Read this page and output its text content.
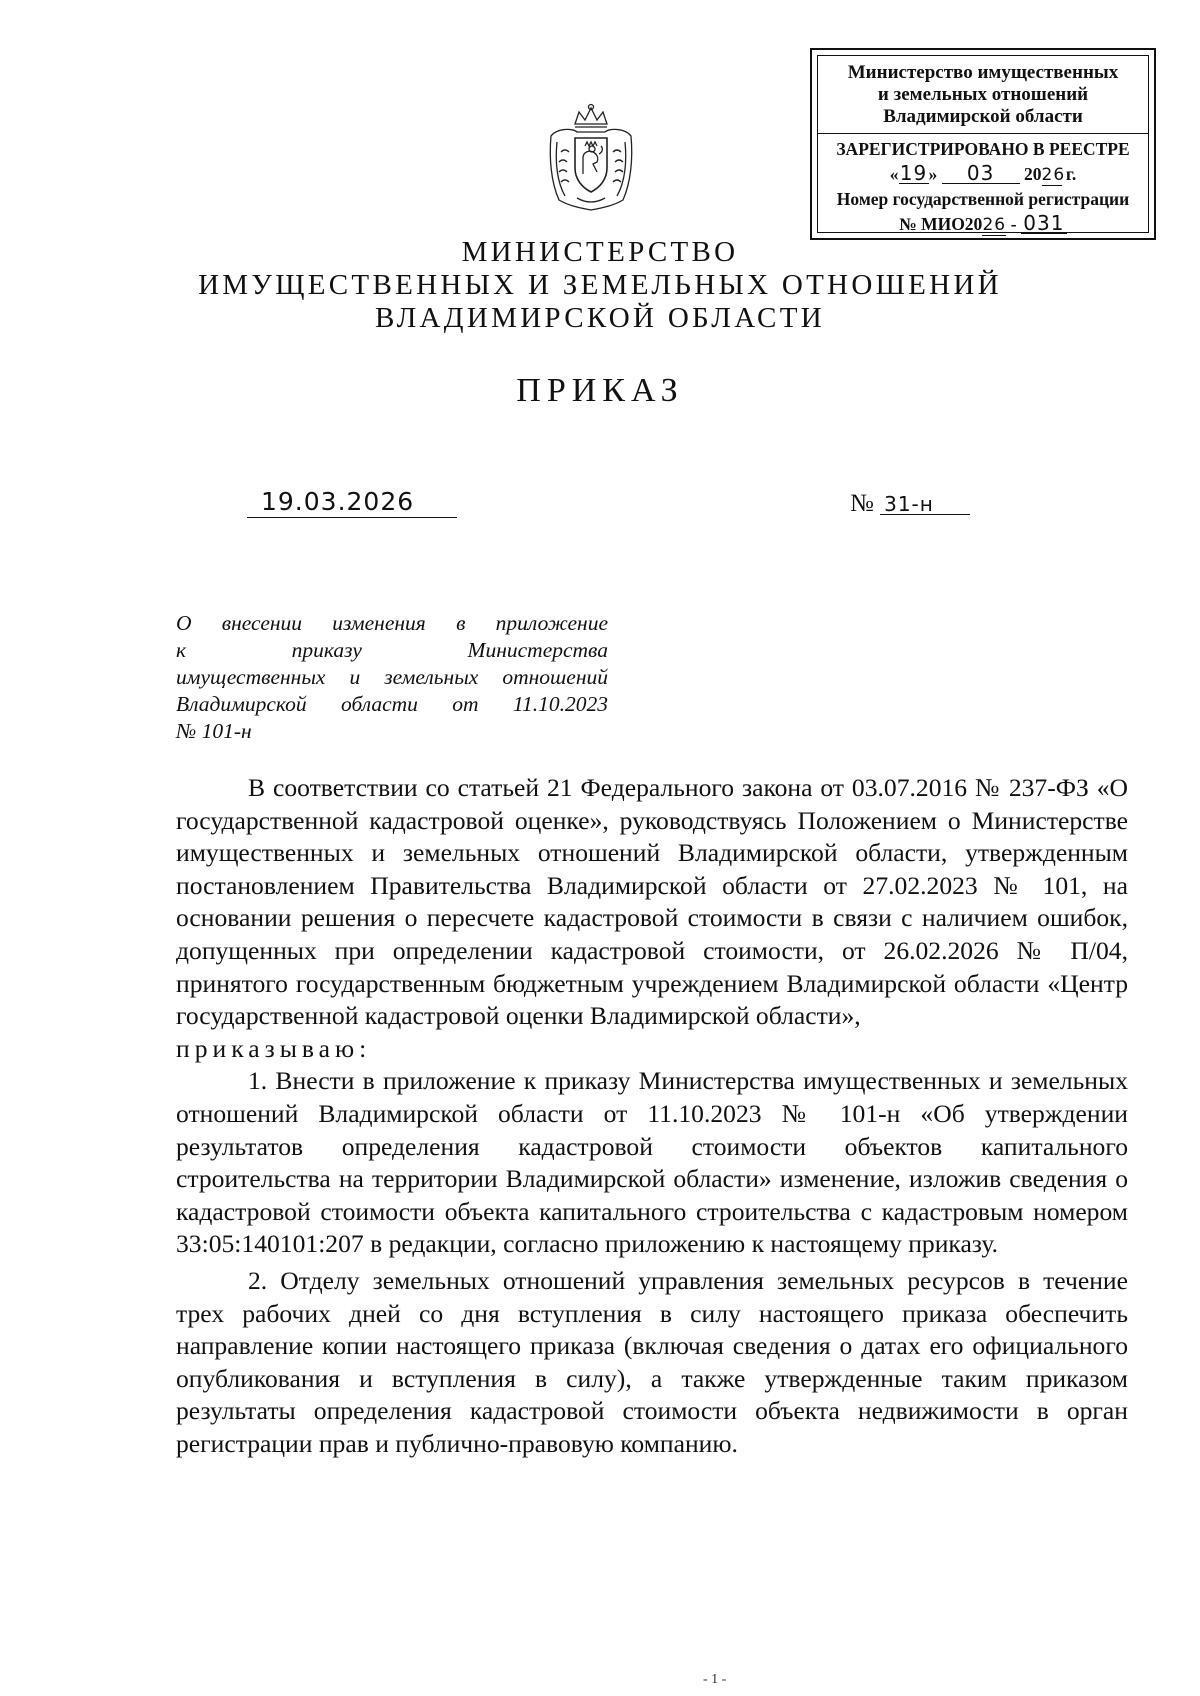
Министерство имущественных
и земельных отношений
Владимирской области
ЗАРЕГИСТРИРОВАНО В РЕЕСТРЕ
«19» 03 2026 г.
Номер государственной регистрации
№ МИО2026 - 031
МИНИСТЕРСТВО
ИМУЩЕСТВЕННЫХ И ЗЕМЕЛЬНЫХ ОТНОШЕНИЙ
ВЛАДИМИРСКОЙ ОБЛАСТИ
ПРИКАЗ
19.03.2026	№ 31-н
О внесении изменения в приложение
к приказу Министерства
имущественных и земельных отношений
Владимирской области от 11.10.2023
№ 101-н

В соответствии со статьей 21 Федерального закона от 03.07.2016 № 237-ФЗ «О государственной кадастровой оценке», руководствуясь Положением о Министерстве имущественных и земельных отношений Владимирской области, утвержденным постановлением Правительства Владимирской области от 27.02.2023 № 101, на основании решения о пересчете кадастровой стоимости в связи с наличием ошибок, допущенных при определении кадастровой стоимости, от 26.02.2026 № П/04, принятого государственным бюджетным учреждением Владимирской области «Центр государственной кадастровой оценки Владимирской области»,
приказываю:

1. Внести в приложение к приказу Министерства имущественных и земельных отношений Владимирской области от 11.10.2023 № 101-н «Об утверждении результатов определения кадастровой стоимости объектов капитального строительства на территории Владимирской области» изменение, изложив сведения о кадастровой стоимости объекта капитального строительства с кадастровым номером 33:05:140101:207 в редакции, согласно приложению к настоящему приказу.

2. Отделу земельных отношений управления земельных ресурсов в течение трех рабочих дней со дня вступления в силу настоящего приказа обеспечить направление копии настоящего приказа (включая сведения о датах его официального опубликования и вступления в силу), а также утвержденные таким приказом результаты определения кадастровой стоимости объекта недвижимости в орган регистрации прав и публично-правовую компанию.

- 1 -
